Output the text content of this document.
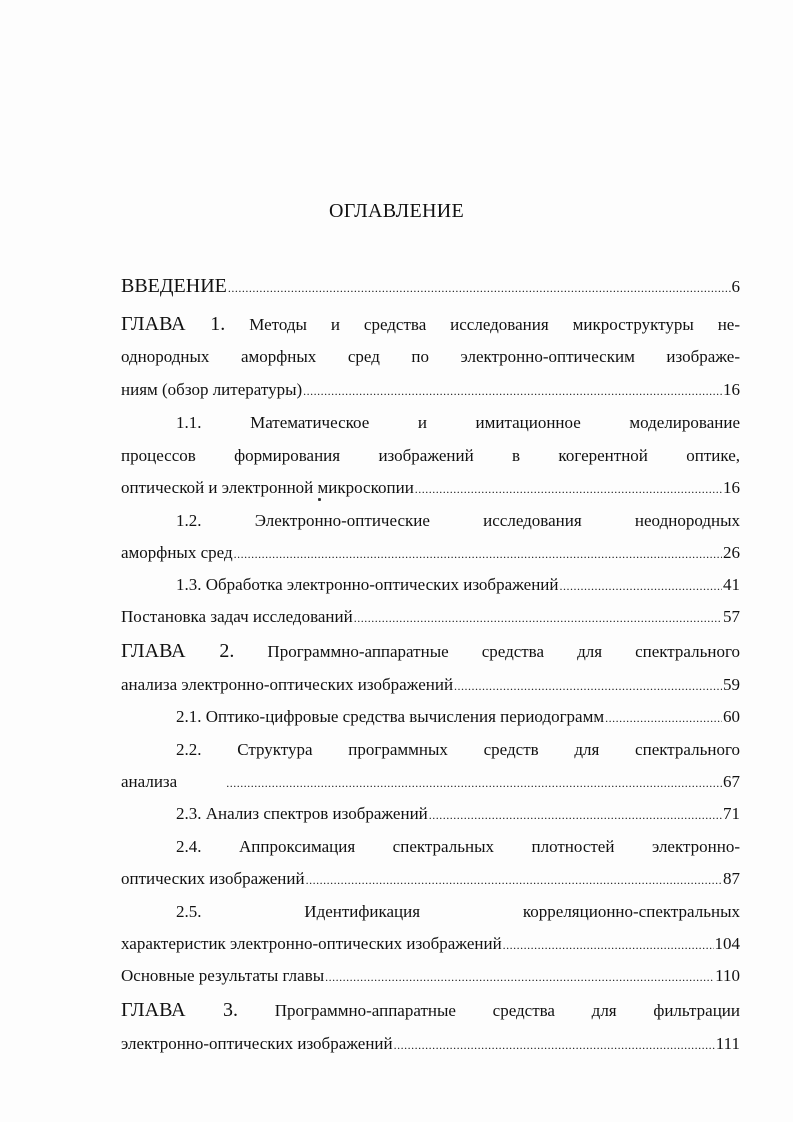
ОГЛАВЛЕНИЕ
ВВЕДЕНИЕ .....	6
ГЛАВА 1. Методы и средства исследования микроструктуры не-
однородных аморфных сред по электронно-оптическим изображе-
ниям (обзор литературы) .....	16
1.1. Математическое и имитационное моделирование
процессов формирования изображений в когерентной оптике,
оптической и электронной микроскопии .....	16
1.2. Электронно-оптические исследования неоднородных
аморфных сред .....	26
1.3. Обработка электронно-оптических изображений .....	41
Постановка задач исследований .....	57
ГЛАВА 2. Программно-аппаратные средства для спектрального
анализа электронно-оптических изображений .....	59
2.1. Оптико-цифровые средства вычисления периодограмм .....	60
2.2. Структура программных средств для спектрального
анализа .....	67
2.3. Анализ спектров изображений .....	71
2.4. Аппроксимация спектральных плотностей электронно-
оптических изображений .....	87
2.5. Идентификация корреляционно-спектральных
характеристик электронно-оптических изображений .....	104
Основные результаты главы .....	110
ГЛАВА 3. Программно-аппаратные средства для фильтрации
электронно-оптических изображений .....	111
